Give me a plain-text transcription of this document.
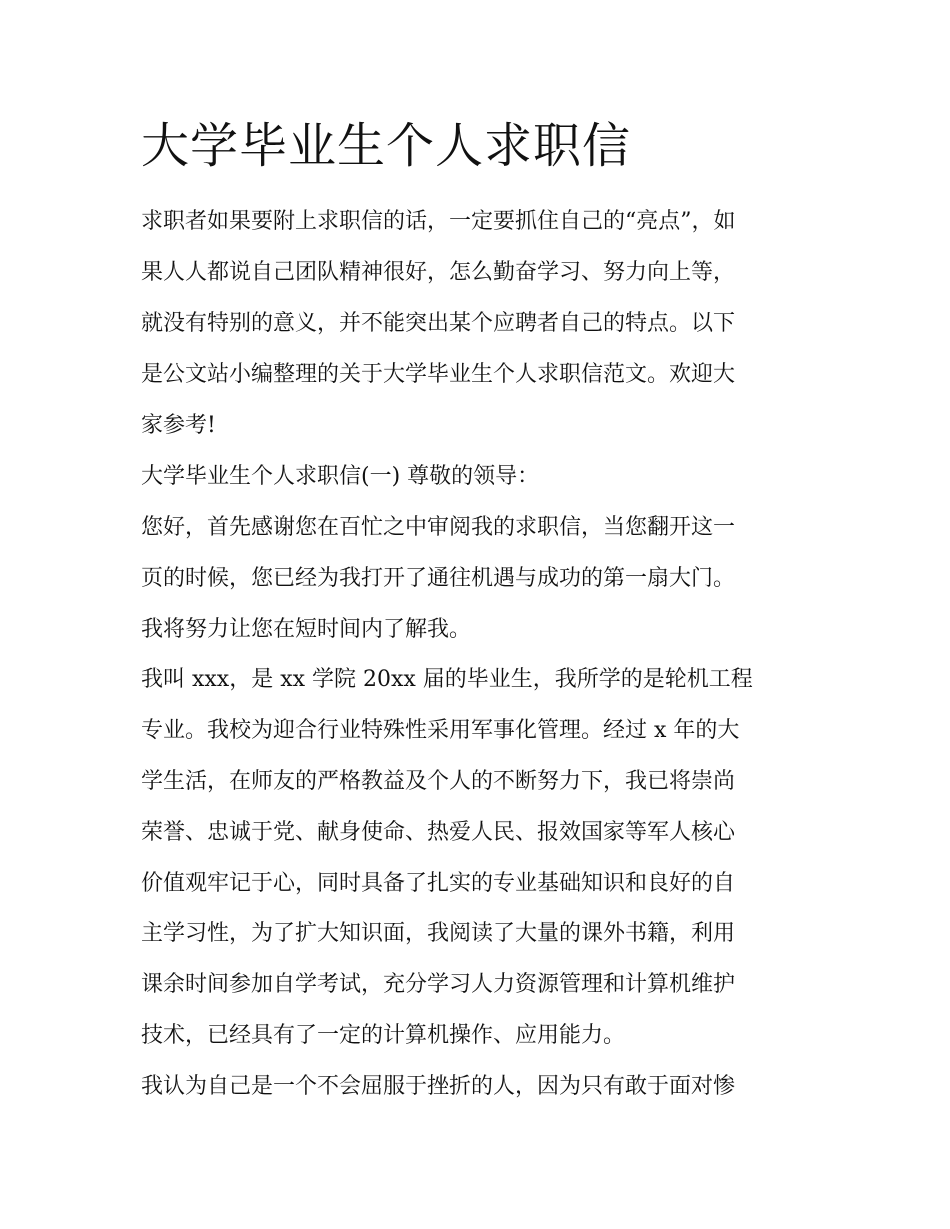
大学毕业生个人求职信

求职者如果要附上求职信的话，一定要抓住自己的“亮点”，如

果人人都说自己团队精神很好，怎么勤奋学习、努力向上等，

就没有特别的意义，并不能突出某个应聘者自己的特点。以下

是公文站小编整理的关于大学毕业生个人求职信范文。欢迎大

家参考!

大学毕业生个人求职信(一) 尊敬的领导：

您好，首先感谢您在百忙之中审阅我的求职信，当您翻开这一

页的时候，您已经为我打开了通往机遇与成功的第一扇大门。

我将努力让您在短时间内了解我。

我叫 xxx，是 xx 学院 20xx 届的毕业生，我所学的是轮机工程

专业。我校为迎合行业特殊性采用军事化管理。经过 x 年的大

学生活，在师友的严格教益及个人的不断努力下，我已将崇尚

荣誉、忠诚于党、献身使命、热爱人民、报效国家等军人核心

价值观牢记于心，同时具备了扎实的专业基础知识和良好的自

主学习性，为了扩大知识面，我阅读了大量的课外书籍，利用

课余时间参加自学考试，充分学习人力资源管理和计算机维护

技术，已经具有了一定的计算机操作、应用能力。

我认为自己是一个不会屈服于挫折的人，因为只有敢于面对惨
